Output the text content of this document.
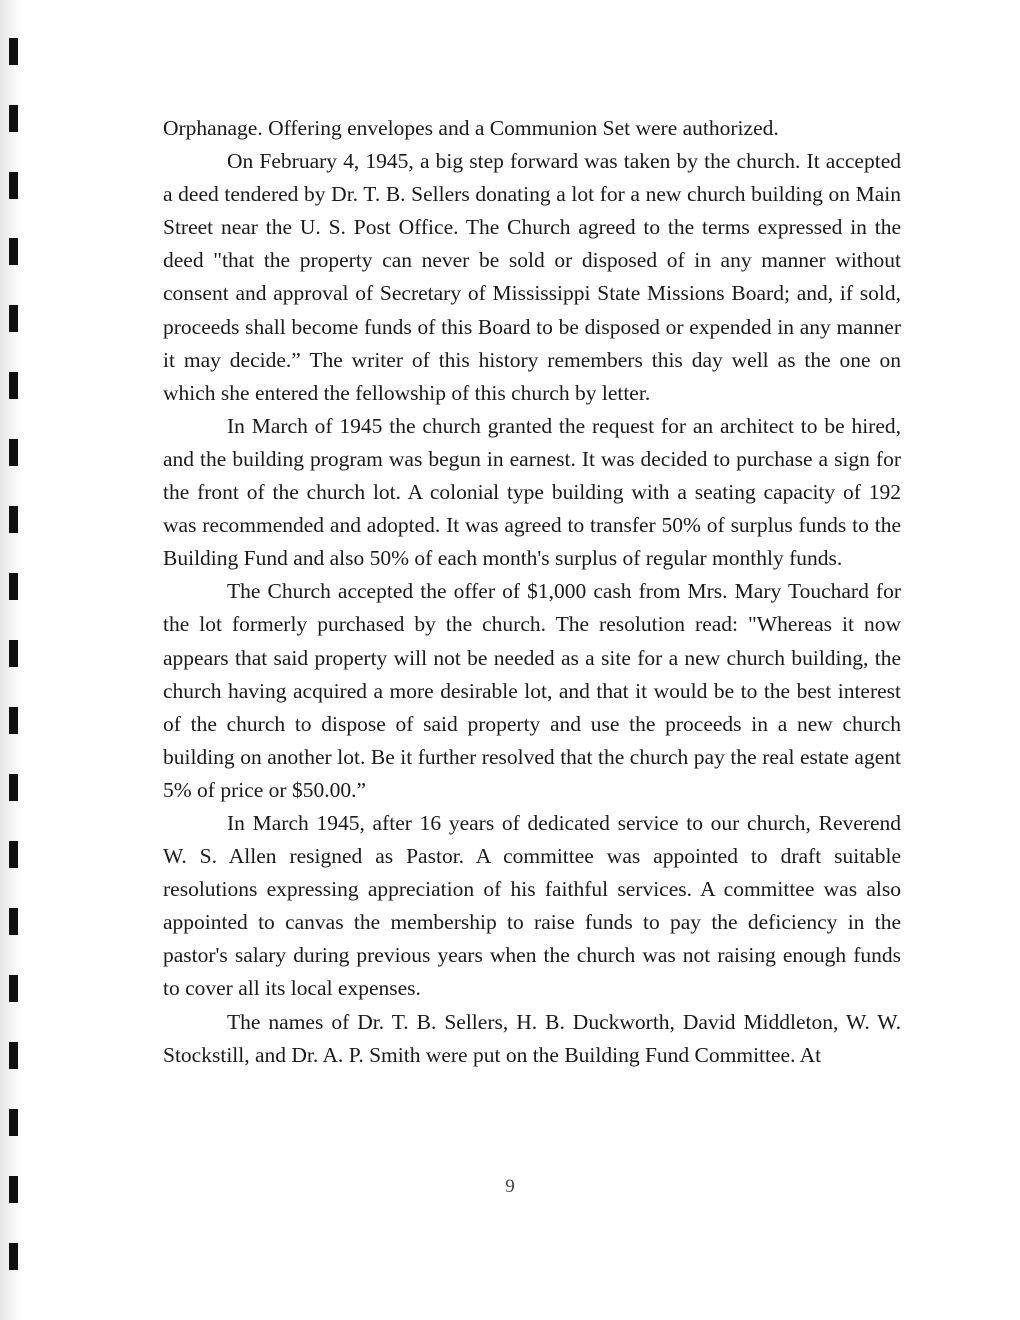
Orphanage. Offering envelopes and a Communion Set were authorized.

On February 4, 1945, a big step forward was taken by the church. It accepted a deed tendered by Dr. T. B. Sellers donating a lot for a new church building on Main Street near the U. S. Post Office. The Church agreed to the terms expressed in the deed "that the property can never be sold or disposed of in any manner without consent and approval of Secretary of Mississippi State Missions Board; and, if sold, proceeds shall become funds of this Board to be disposed or expended in any manner it may decide.” The writer of this history remembers this day well as the one on which she entered the fellowship of this church by letter.

In March of 1945 the church granted the request for an architect to be hired, and the building program was begun in earnest. It was decided to purchase a sign for the front of the church lot. A colonial type building with a seating capacity of 192 was recommended and adopted. It was agreed to transfer 50% of surplus funds to the Building Fund and also 50% of each month's surplus of regular monthly funds.

The Church accepted the offer of $1,000 cash from Mrs. Mary Touchard for the lot formerly purchased by the church. The resolution read: "Whereas it now appears that said property will not be needed as a site for a new church building, the church having acquired a more desirable lot, and that it would be to the best interest of the church to dispose of said property and use the proceeds in a new church building on another lot. Be it further resolved that the church pay the real estate agent 5% of price or $50.00.”

In March 1945, after 16 years of dedicated service to our church, Reverend W. S. Allen resigned as Pastor. A committee was appointed to draft suitable resolutions expressing appreciation of his faithful services. A committee was also appointed to canvas the membership to raise funds to pay the deficiency in the pastor's salary during previous years when the church was not raising enough funds to cover all its local expenses.

The names of Dr. T. B. Sellers, H. B. Duckworth, David Middleton, W. W. Stockstill, and Dr. A. P. Smith were put on the Building Fund Committee. At

9
